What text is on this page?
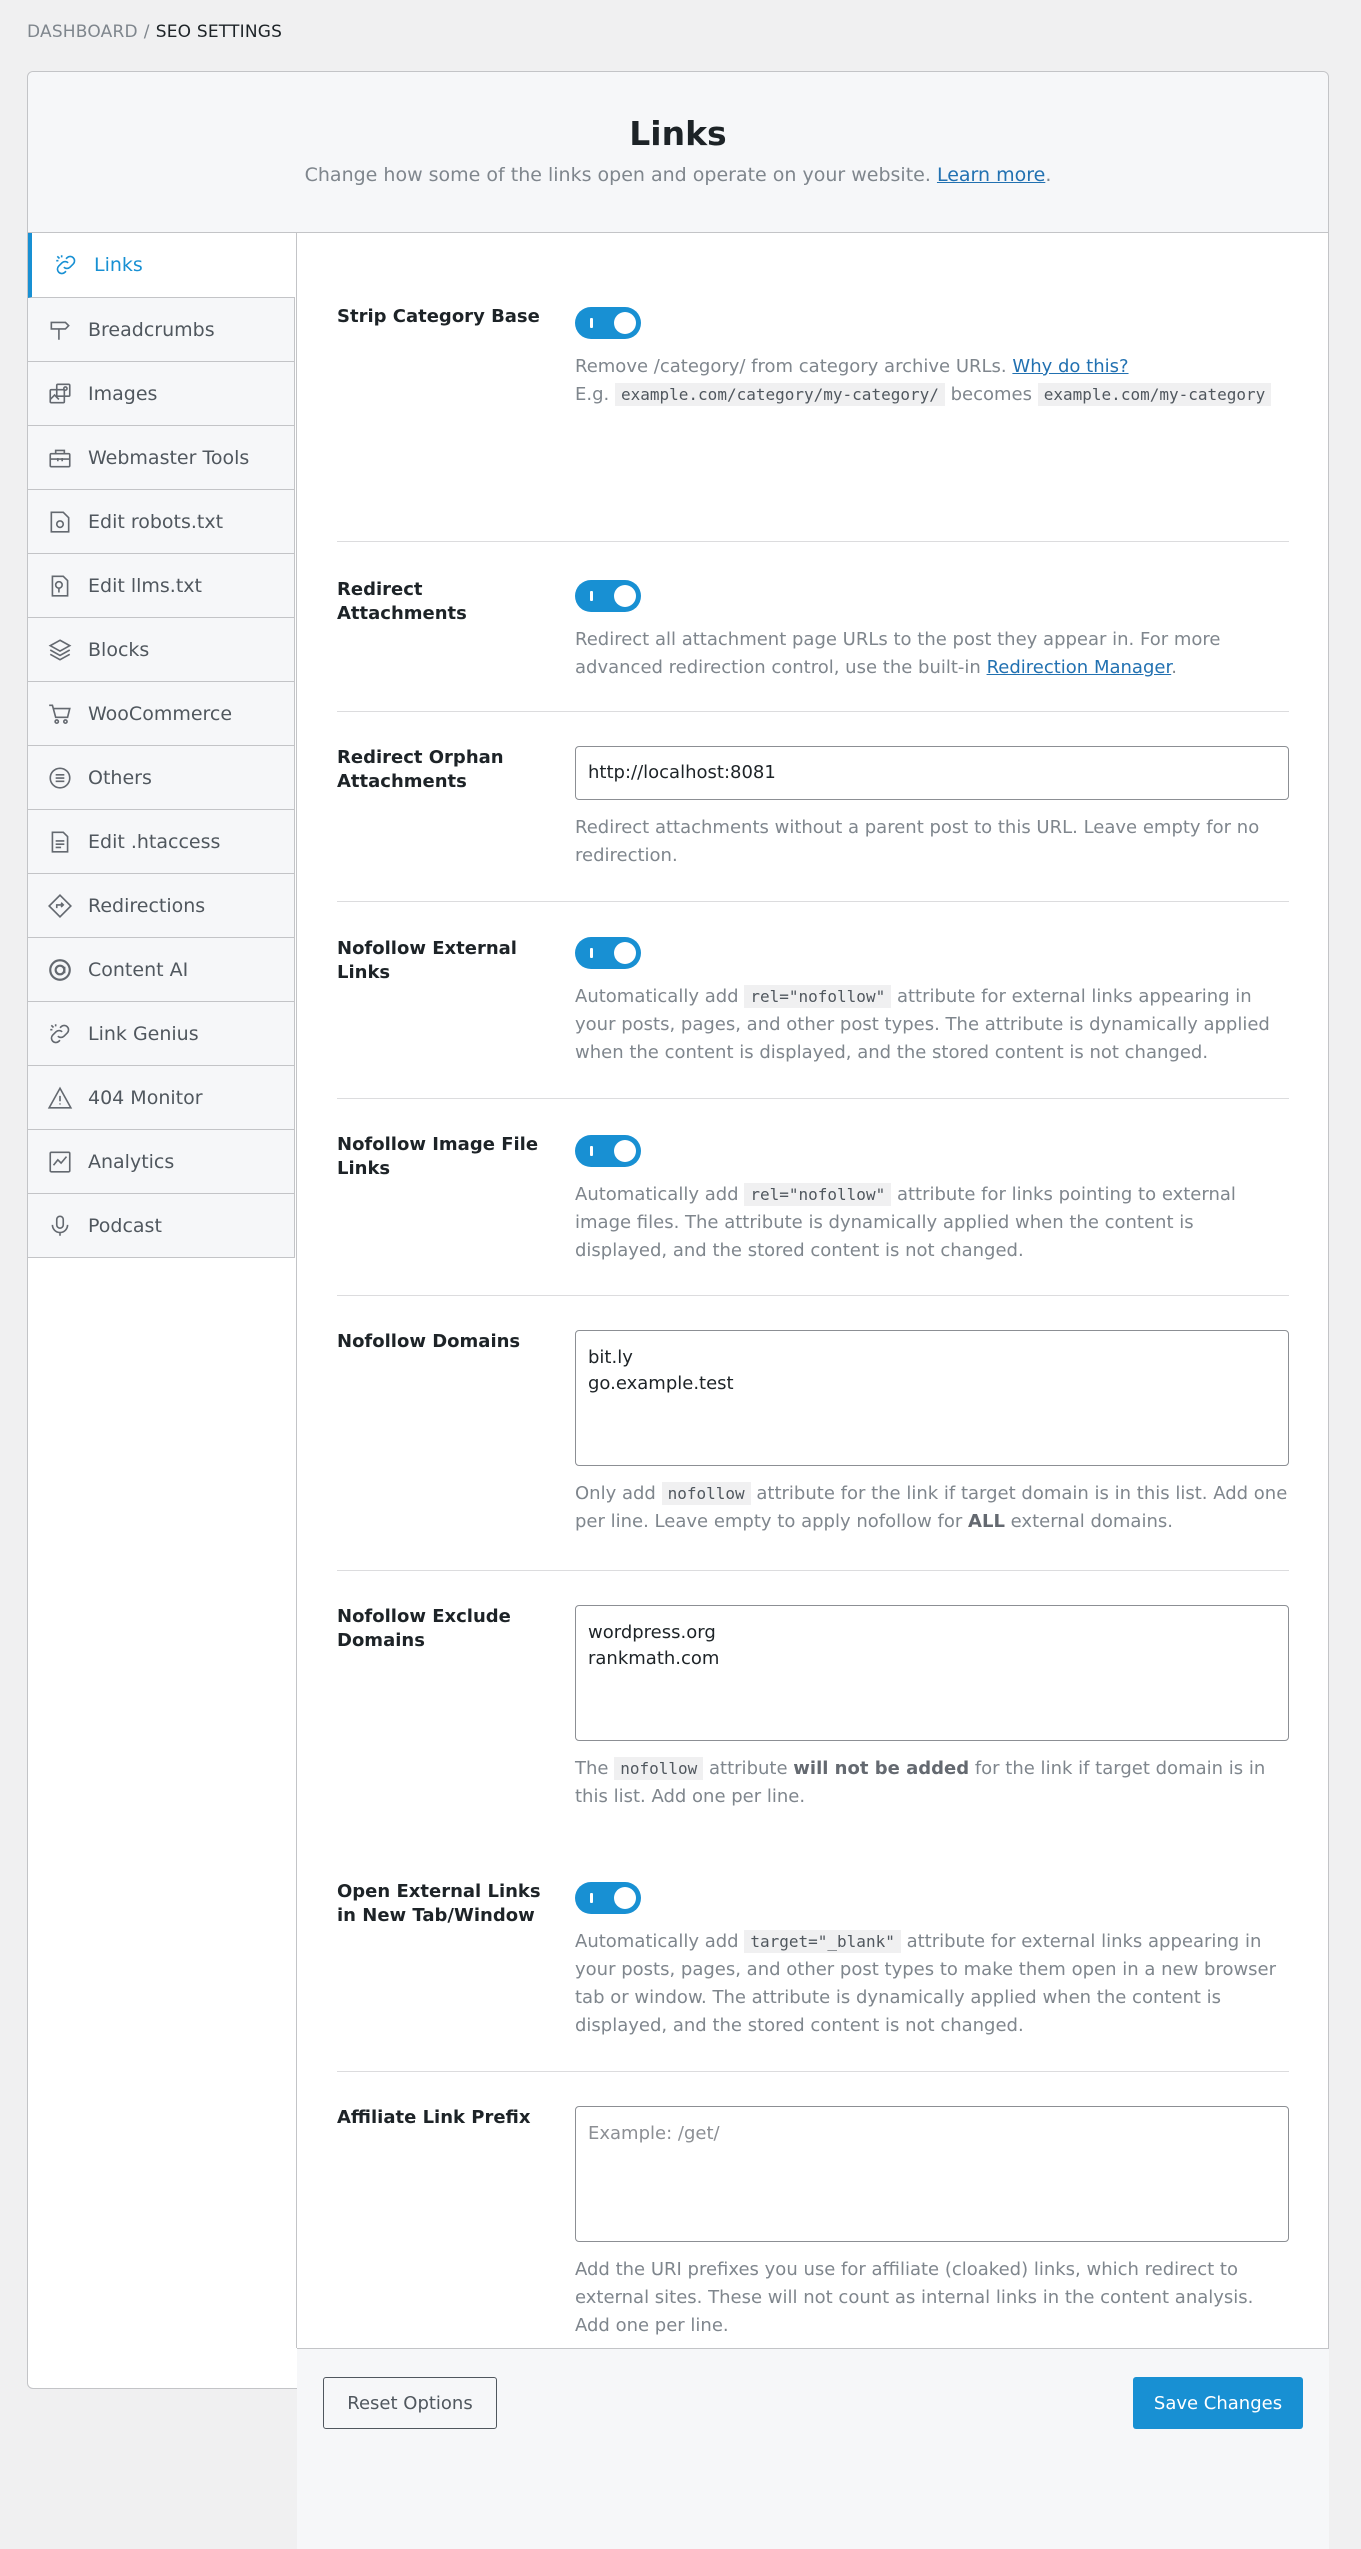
DASHBOARD / SEO SETTINGS
Links
Change how some of the links open and operate on your website. Learn more.
Links
Breadcrumbs
Images
Webmaster Tools
Edit robots.txt
Edit llms.txt
Blocks
WooCommerce
Others
Edit .htaccess
Redirections
Content AI
Link Genius
404 Monitor
Analytics
Podcast
Strip Category Base
Remove /category/ from category archive URLs. Why do this?
E.g. example.com/category/my-category/ becomes example.com/my-category
Redirect Attachments
Redirect all attachment page URLs to the post they appear in. For more advanced redirection control, use the built-in Redirection Manager.
Redirect Orphan Attachments	http://localhost:8081
Redirect attachments without a parent post to this URL. Leave empty for no redirection.
Nofollow External Links
Automatically add rel="nofollow" attribute for external links appearing in your posts, pages, and other post types. The attribute is dynamically applied when the content is displayed, and the stored content is not changed.
Nofollow Image File Links
Automatically add rel="nofollow" attribute for links pointing to external image files. The attribute is dynamically applied when the content is displayed, and the stored content is not changed.
Nofollow Domains
bit.ly go.example.test
Only add nofollow attribute for the link if target domain is in this list. Add one per line. Leave empty to apply nofollow for ALL external domains.
Nofollow Exclude Domains
wordpress.org rankmath.com
The nofollow attribute will not be added for the link if target domain is in this list. Add one per line.
Open External Links in New Tab/Window
Automatically add target="_blank" attribute for external links appearing in your posts, pages, and other post types to make them open in a new browser tab or window. The attribute is dynamically applied when the content is displayed, and the stored content is not changed.
Affiliate Link Prefix
Example: /get/
Add the URI prefixes you use for affiliate (cloaked) links, which redirect to external sites. These will not count as internal links in the content analysis. Add one per line.
Reset Options	Save Changes
